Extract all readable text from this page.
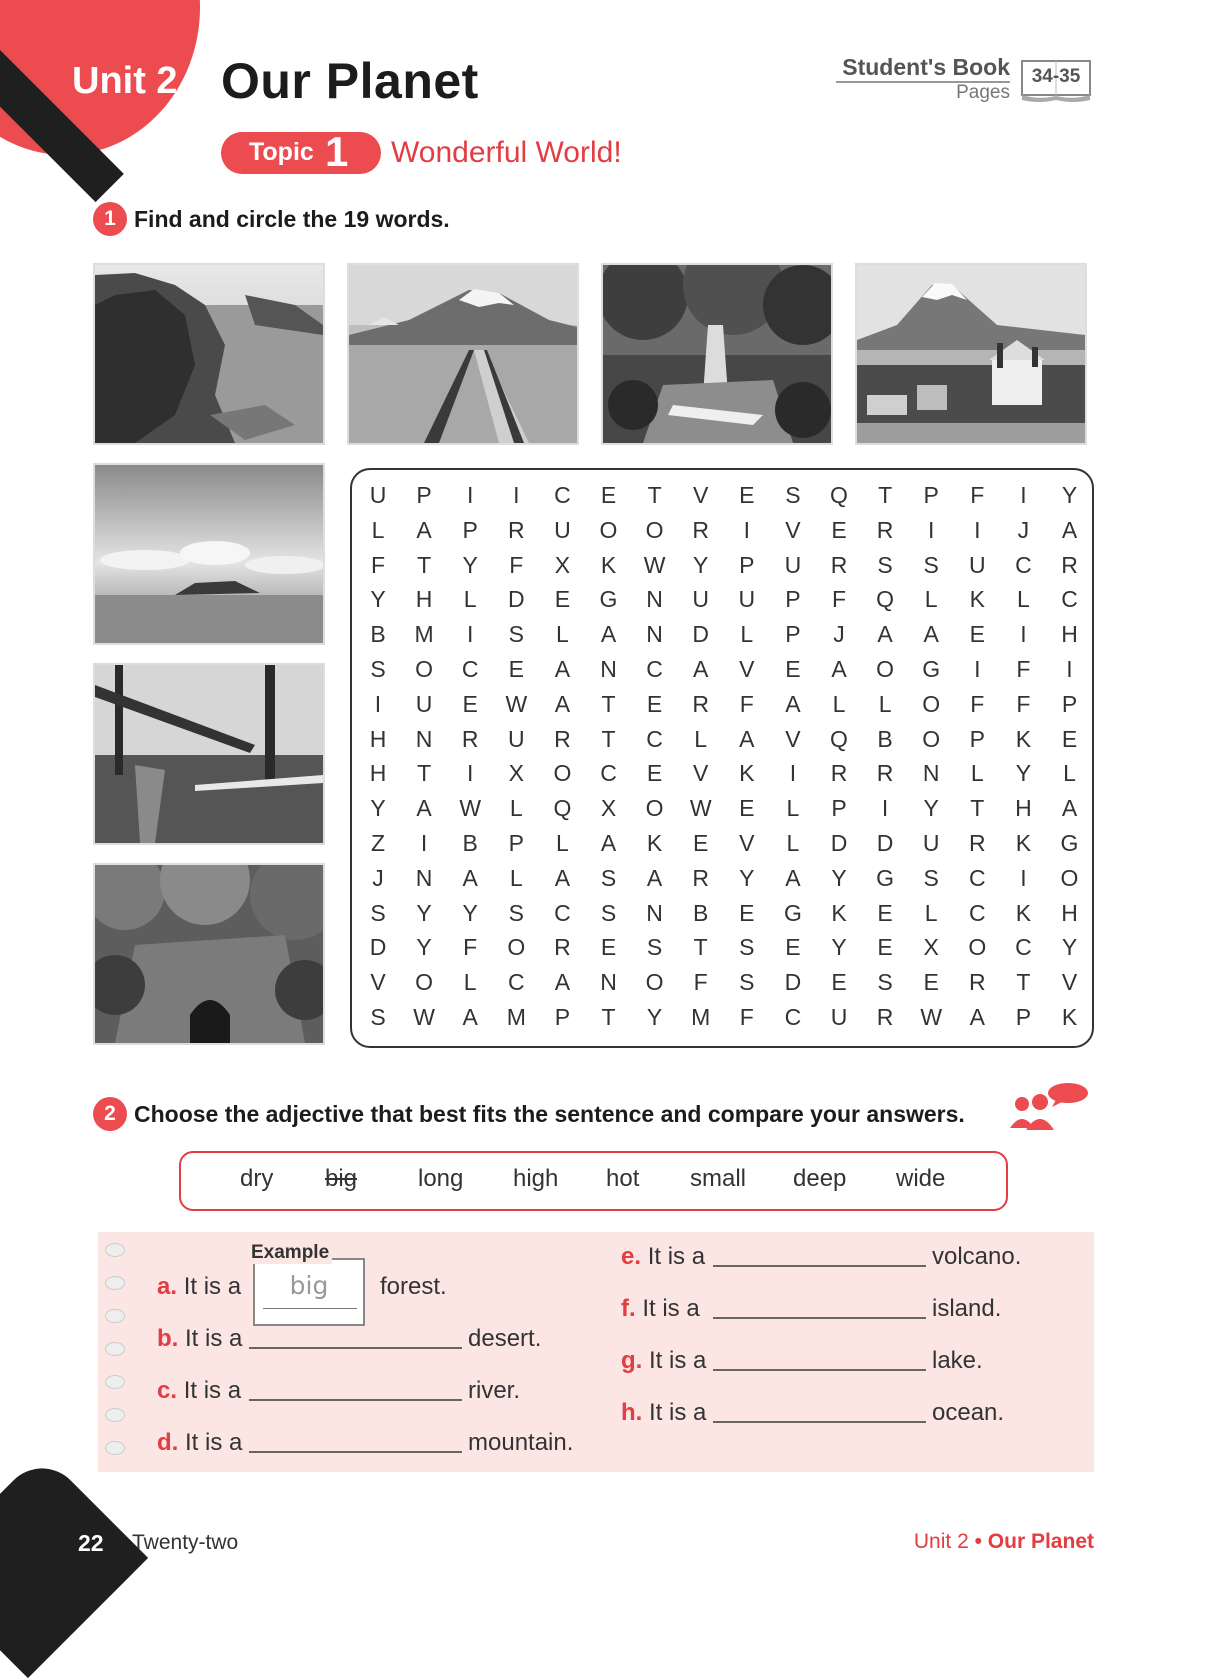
Unit 2 Our Planet
Topic 1 Wonderful World!
Student's Book
Pages
34-35
1 Find and circle the 19 words.
U	P	I	I	C	E	T	V	E	S	Q	T	P	F	I	Y
L	A	P	R	U	O	O	R	I	V	E	R	I	I	J	A
F	T	Y	F	X	K	W	Y	P	U	R	S	S	U	C	R
Y	H	L	D	E	G	N	U	U	P	F	Q	L	K	L	C
B	M	I	S	L	A	N	D	L	P	J	A	A	E	I	H
S	O	C	E	A	N	C	A	V	E	A	O	G	I	F	I
I	U	E	W	A	T	E	R	F	A	L	L	O	F	F	P
H	N	R	U	R	T	C	L	A	V	Q	B	O	P	K	E
H	T	I	X	O	C	E	V	K	I	R	R	N	L	Y	L
Y	A	W	L	Q	X	O	W	E	L	P	I	Y	T	H	A
Z	I	B	P	L	A	K	E	V	L	D	D	U	R	K	G
J	N	A	L	A	S	A	R	Y	A	Y	G	S	C	I	O
S	Y	Y	S	C	S	N	B	E	G	K	E	L	C	K	H
D	Y	F	O	R	E	S	T	S	E	Y	E	X	O	C	Y
V	O	L	C	A	N	O	F	S	D	E	S	E	R	T	V
S	W	A	M	P	T	Y	M	F	C	U	R	W	A	P	K
2 Choose the adjective that best fits the sentence and compare your answers.
dry big	long high hot small deep wide
a. It is a
Example
big	forest.
b. It is a	desert.
c. It is a	river.
d. It is a	mountain.
e. It is a	volcano.
f. It is a	island.
g. It is a	lake.
h. It is a	ocean.
22 Twenty-two	Unit 2 • Our Planet
